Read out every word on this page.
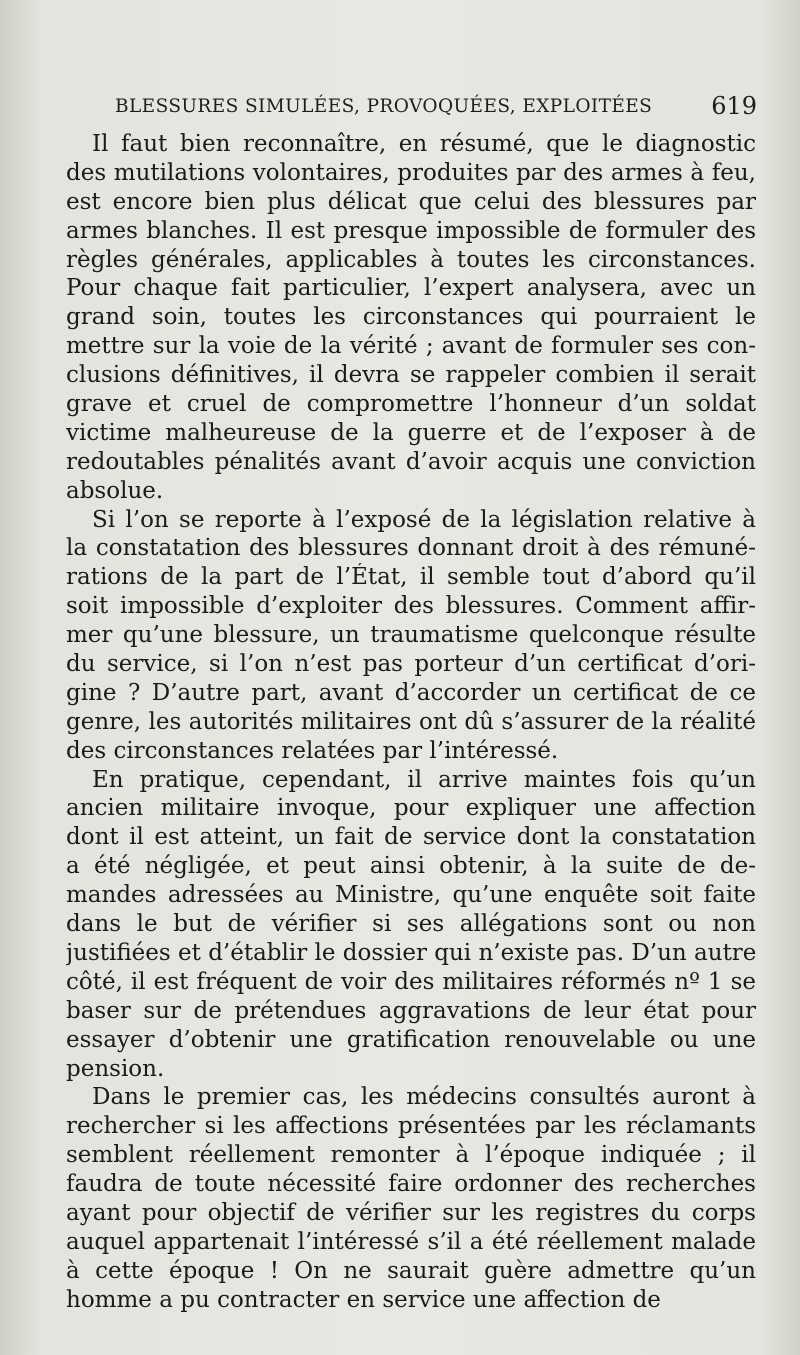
BLESSURES SIMULÉES, PROVOQUÉES, EXPLOITÉES 619
Il faut bien reconnaître, en résumé, que le diagnostic
des mutilations volontaires, produites par des armes à feu,
est encore bien plus délicat que celui des blessures par
armes blanches. Il est presque impossible de formuler des
règles générales, applicables à toutes les circonstances.
Pour chaque fait particulier, l’expert analysera, avec un
grand soin, toutes les circonstances qui pourraient le
mettre sur la voie de la vérité ; avant de formuler ses con-
clusions définitives, il devra se rappeler combien il serait
grave et cruel de compromettre l’honneur d’un soldat
victime malheureuse de la guerre et de l’exposer à de
redoutables pénalités avant d’avoir acquis une conviction
absolue.
Si l’on se reporte à l’exposé de la législation relative à
la constatation des blessures donnant droit à des rémuné-
rations de la part de l’État, il semble tout d’abord qu’il
soit impossible d’exploiter des blessures. Comment affir-
mer qu’une blessure, un traumatisme quelconque résulte
du service, si l’on n’est pas porteur d’un certificat d’ori-
gine ? D’autre part, avant d’accorder un certificat de ce
genre, les autorités militaires ont dû s’assurer de la réalité
des circonstances relatées par l’intéressé.
En pratique, cependant, il arrive maintes fois qu’un
ancien militaire invoque, pour expliquer une affection
dont il est atteint, un fait de service dont la constatation
a été négligée, et peut ainsi obtenir, à la suite de de-
mandes adressées au Ministre, qu’une enquête soit faite
dans le but de vérifier si ses allégations sont ou non
justifiées et d’établir le dossier qui n’existe pas. D’un autre
côté, il est fréquent de voir des militaires réformés nº 1 se
baser sur de prétendues aggravations de leur état pour
essayer d’obtenir une gratification renouvelable ou une
pension.
Dans le premier cas, les médecins consultés auront à
rechercher si les affections présentées par les réclamants
semblent réellement remonter à l’époque indiquée ; il
faudra de toute nécessité faire ordonner des recherches
ayant pour objectif de vérifier sur les registres du corps
auquel appartenait l’intéressé s’il a été réellement malade
à cette époque ! On ne saurait guère admettre qu’un
homme a pu contracter en service une affection de
